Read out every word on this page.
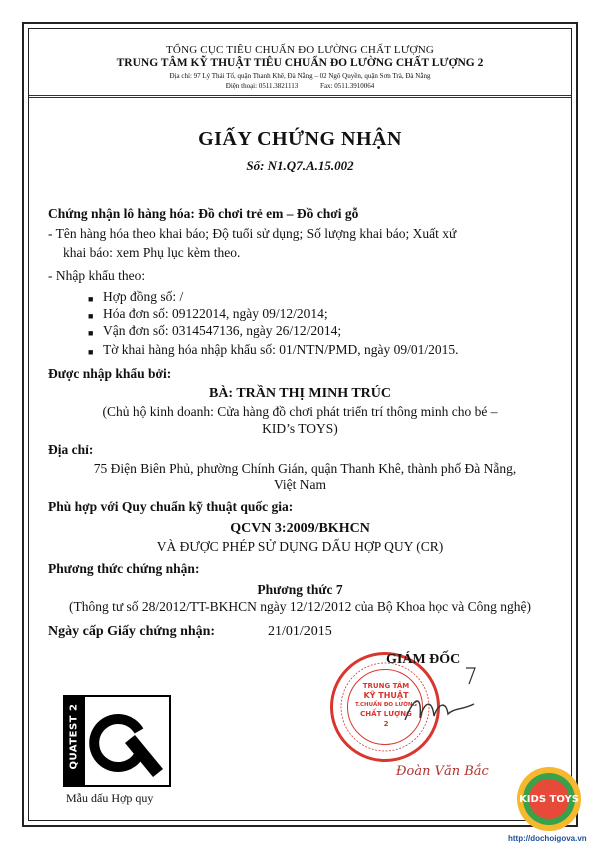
TỔNG CỤC TIÊU CHUẨN ĐO LƯỜNG CHẤT LƯỢNG
TRUNG TÂM KỸ THUẬT TIÊU CHUẨN ĐO LƯỜNG CHẤT LƯỢNG 2
Địa chỉ: 97 Lý Thái Tổ, quận Thanh Khê, Đà Nẵng – 02 Ngô Quyền, quận Sơn Trà, Đà Nẵng
Điện thoại: 0511.3821113	Fax: 0511.3910064
GIẤY CHỨNG NHẬN
Số: N1.Q7.A.15.002
Chứng nhận lô hàng hóa: Đồ chơi trẻ em – Đồ chơi gỗ
- Tên hàng hóa theo khai báo; Độ tuổi sử dụng; Số lượng khai báo; Xuất xứ
khai báo: xem Phụ lục kèm theo.
- Nhập khẩu theo:
■ Hợp đồng số: /
■ Hóa đơn số: 09122014, ngày 09/12/2014;
■ Vận đơn số: 0314547136, ngày 26/12/2014;
■ Tờ khai hàng hóa nhập khẩu số: 01/NTN/PMD, ngày 09/01/2015.
Được nhập khẩu bởi:
BÀ: TRẦN THỊ MINH TRÚC
(Chủ hộ kinh doanh: Cửa hàng đồ chơi phát triển trí thông minh cho bé –
KID’s TOYS)
Địa chỉ:
75 Điện Biên Phủ, phường Chính Gián, quận Thanh Khê, thành phố Đà Nẵng,
Việt Nam
Phù hợp với Quy chuẩn kỹ thuật quốc gia:
QCVN 3:2009/BKHCN
VÀ ĐƯỢC PHÉP SỬ DỤNG DẤU HỢP QUY (CR)
Phương thức chứng nhận:
Phương thức 7
(Thông tư số 28/2012/TT-BKHCN ngày 12/12/2012 của Bộ Khoa học và Công nghệ)
Ngày cấp Giấy chứng nhận:	21/01/2015
TRUNG TÂM
KỸ THUẬT
T.CHUẨN ĐO LƯỜNG
CHẤT LƯỢNG
2
GIÁM ĐỐC
Đoàn Văn Bắc
QUATEST 2
Mẫu dấu Hợp quy	KIDS TOYS
http://dochoigova.vn
